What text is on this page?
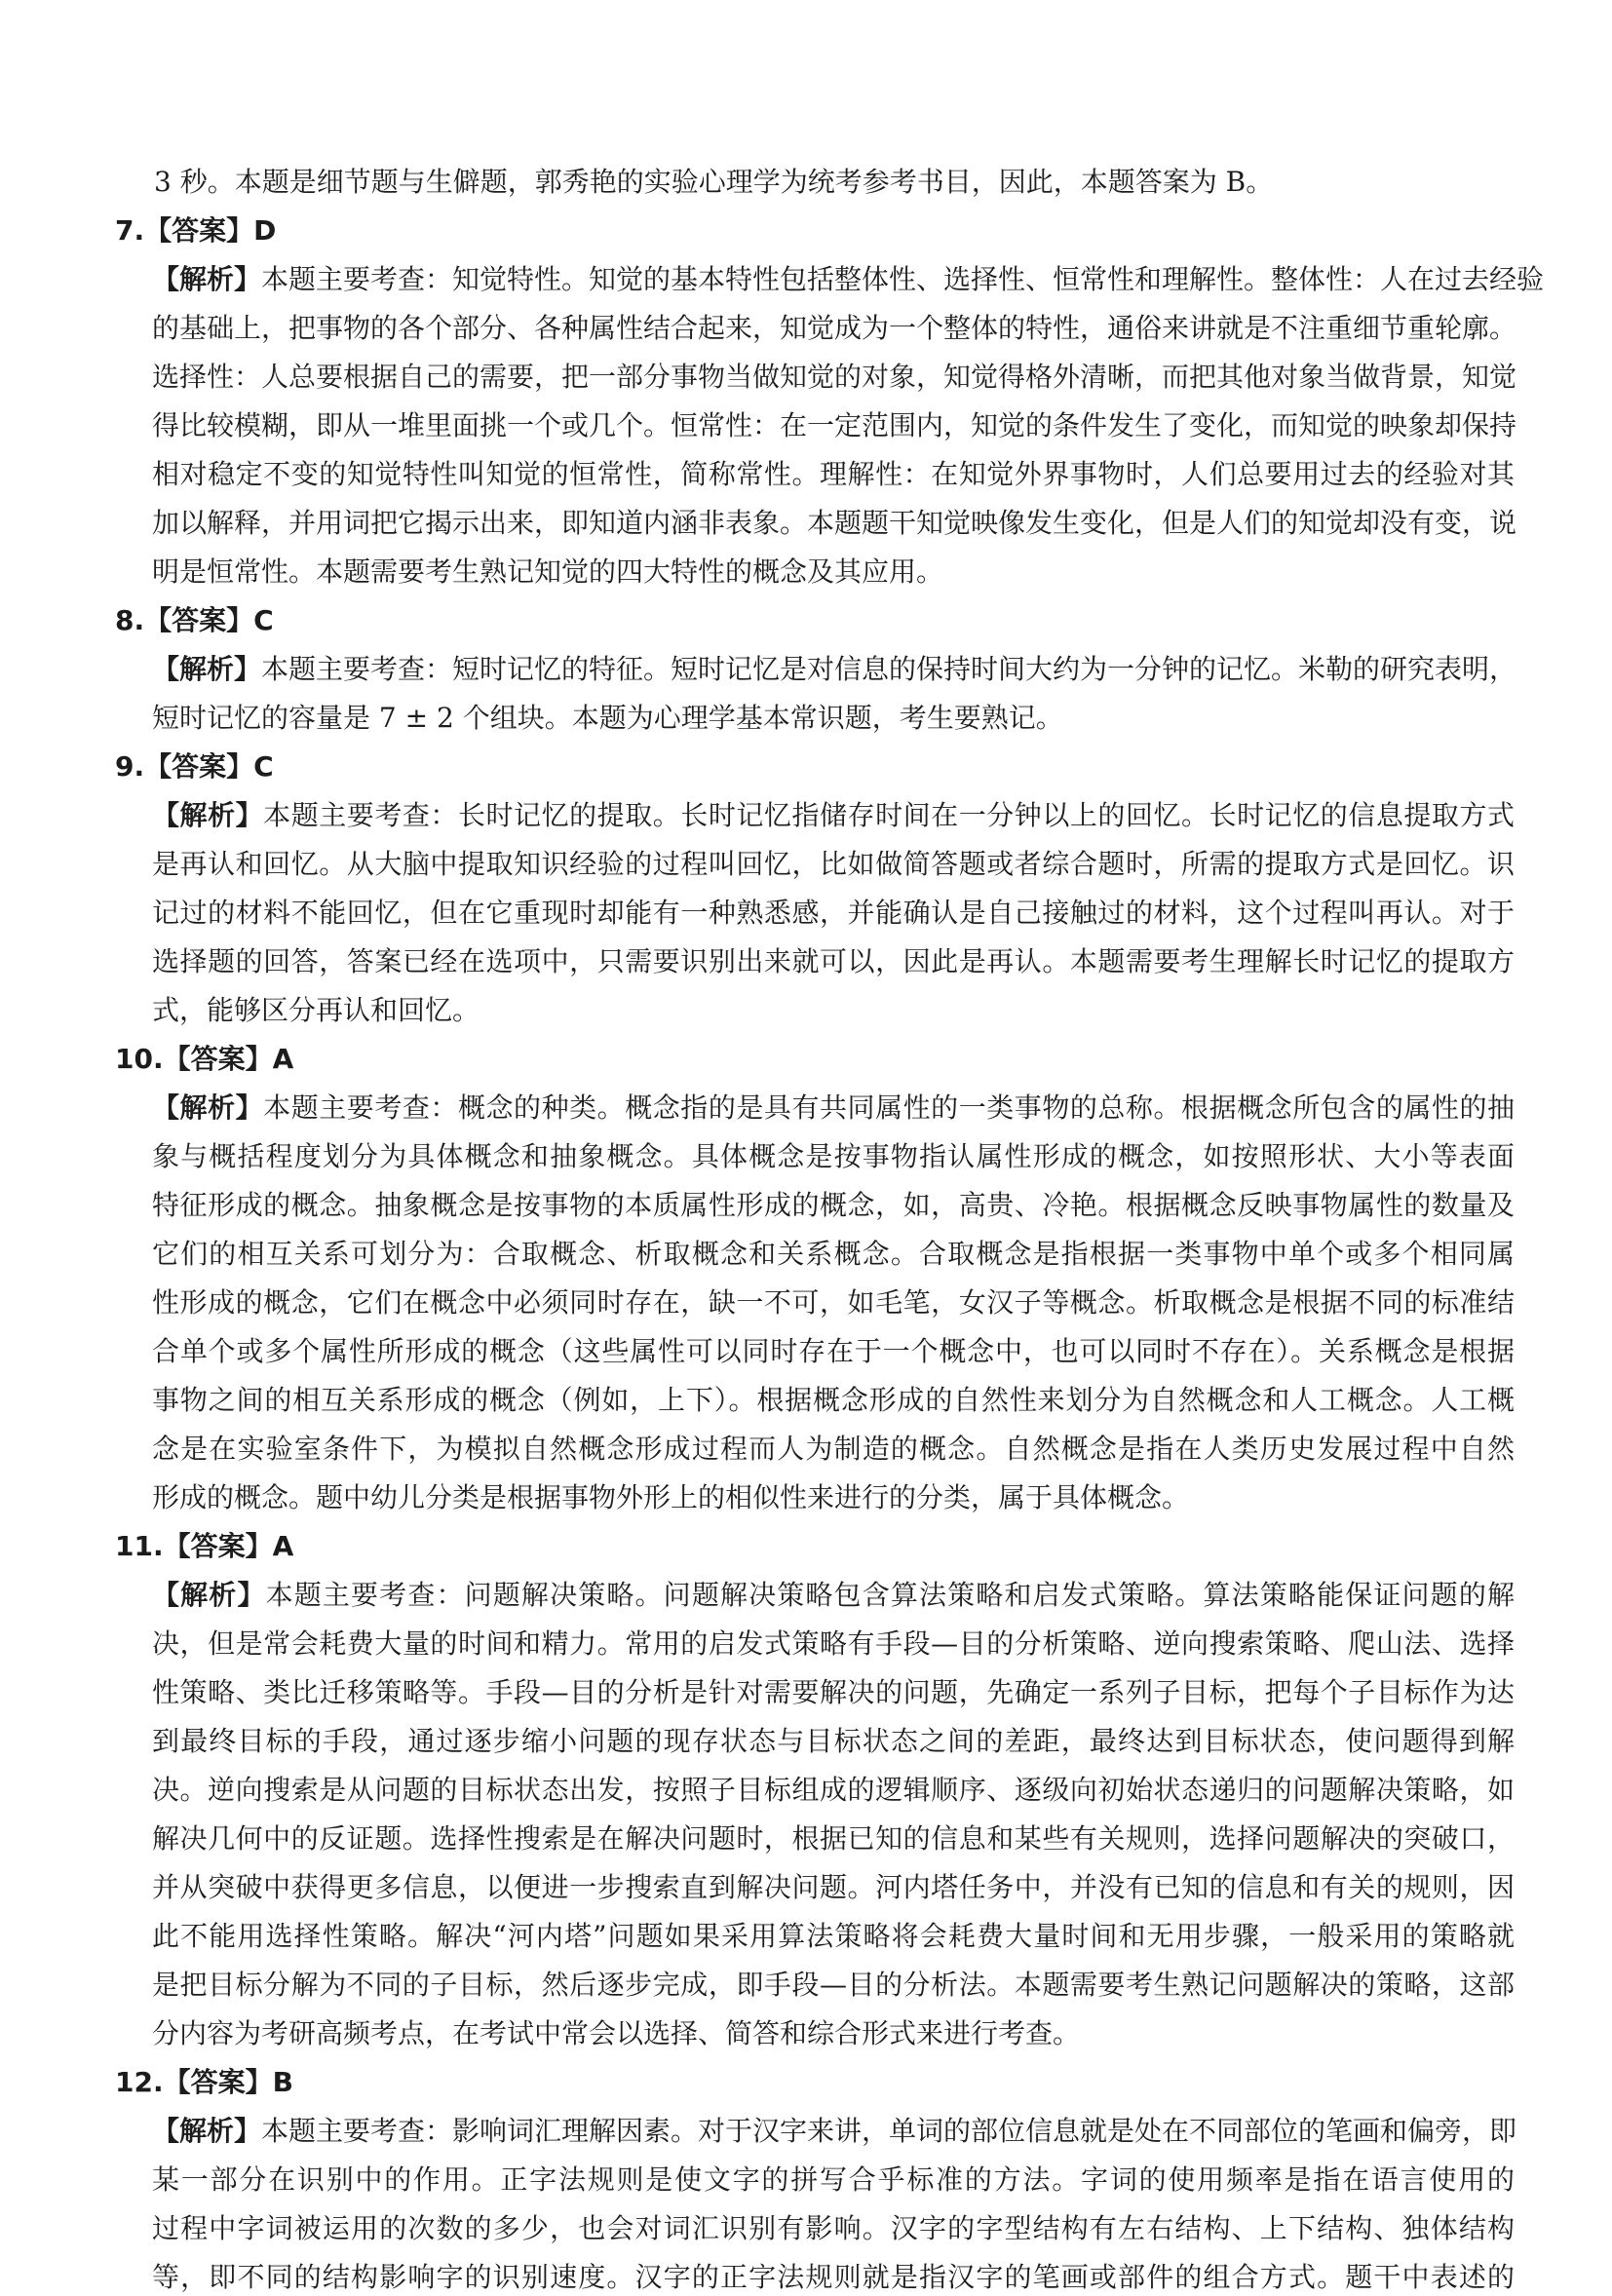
3 秒。本题是细节题与生僻题，郭秀艳的实验心理学为统考参考书目，因此，本题答案为 B。
7.【答案】D
【解析】本题主要考查：知觉特性。知觉的基本特性包括整体性、选择性、恒常性和理解性。整体性：人在过去经验
的基础上，把事物的各个部分、各种属性结合起来，知觉成为一个整体的特性，通俗来讲就是不注重细节重轮廓。
选择性：人总要根据自己的需要，把一部分事物当做知觉的对象，知觉得格外清晰，而把其他对象当做背景，知觉
得比较模糊，即从一堆里面挑一个或几个。恒常性：在一定范围内，知觉的条件发生了变化，而知觉的映象却保持
相对稳定不变的知觉特性叫知觉的恒常性，简称常性。理解性：在知觉外界事物时，人们总要用过去的经验对其
加以解释，并用词把它揭示出来，即知道内涵非表象。本题题干知觉映像发生变化，但是人们的知觉却没有变，说
明是恒常性。本题需要考生熟记知觉的四大特性的概念及其应用。
8.【答案】C
【解析】本题主要考查：短时记忆的特征。短时记忆是对信息的保持时间大约为一分钟的记忆。米勒的研究表明，
短时记忆的容量是 7 ± 2 个组块。本题为心理学基本常识题，考生要熟记。
9.【答案】C
【解析】本题主要考查：长时记忆的提取。长时记忆指储存时间在一分钟以上的回忆。长时记忆的信息提取方式
是再认和回忆。从大脑中提取知识经验的过程叫回忆，比如做简答题或者综合题时，所需的提取方式是回忆。识
记过的材料不能回忆，但在它重现时却能有一种熟悉感，并能确认是自己接触过的材料，这个过程叫再认。对于
选择题的回答，答案已经在选项中，只需要识别出来就可以，因此是再认。本题需要考生理解长时记忆的提取方
式，能够区分再认和回忆。
10.【答案】A
【解析】本题主要考查：概念的种类。概念指的是具有共同属性的一类事物的总称。根据概念所包含的属性的抽
象与概括程度划分为具体概念和抽象概念。具体概念是按事物指认属性形成的概念，如按照形状、大小等表面
特征形成的概念。抽象概念是按事物的本质属性形成的概念，如，高贵、冷艳。根据概念反映事物属性的数量及
它们的相互关系可划分为：合取概念、析取概念和关系概念。合取概念是指根据一类事物中单个或多个相同属
性形成的概念，它们在概念中必须同时存在，缺一不可，如毛笔，女汉子等概念。析取概念是根据不同的标准结
合单个或多个属性所形成的概念（这些属性可以同时存在于一个概念中，也可以同时不存在）。关系概念是根据
事物之间的相互关系形成的概念（例如，上下）。根据概念形成的自然性来划分为自然概念和人工概念。人工概
念是在实验室条件下，为模拟自然概念形成过程而人为制造的概念。自然概念是指在人类历史发展过程中自然
形成的概念。题中幼儿分类是根据事物外形上的相似性来进行的分类，属于具体概念。
11.【答案】A
【解析】本题主要考查：问题解决策略。问题解决策略包含算法策略和启发式策略。算法策略能保证问题的解
决，但是常会耗费大量的时间和精力。常用的启发式策略有手段—目的分析策略、逆向搜索策略、爬山法、选择
性策略、类比迁移策略等。手段—目的分析是针对需要解决的问题，先确定一系列子目标，把每个子目标作为达
到最终目标的手段，通过逐步缩小问题的现存状态与目标状态之间的差距，最终达到目标状态，使问题得到解
决。逆向搜索是从问题的目标状态出发，按照子目标组成的逻辑顺序、逐级向初始状态递归的问题解决策略，如
解决几何中的反证题。选择性搜索是在解决问题时，根据已知的信息和某些有关规则，选择问题解决的突破口，
并从突破中获得更多信息，以便进一步搜索直到解决问题。河内塔任务中，并没有已知的信息和有关的规则，因
此不能用选择性策略。解决“河内塔”问题如果采用算法策略将会耗费大量时间和无用步骤，一般采用的策略就
是把目标分解为不同的子目标，然后逐步完成，即手段—目的分析法。本题需要考生熟记问题解决的策略，这部
分内容为考研高频考点，在考试中常会以选择、简答和综合形式来进行考查。
12.【答案】B
【解析】本题主要考查：影响词汇理解因素。对于汉字来讲，单词的部位信息就是处在不同部位的笔画和偏旁，即
某一部分在识别中的作用。正字法规则是使文字的拼写合乎标准的方法。字词的使用频率是指在语言使用的
过程中字词被运用的次数的多少，也会对词汇识别有影响。汉字的字型结构有左右结构、上下结构、独体结构
等，即不同的结构影响字的识别速度。汉字的正字法规则就是指汉字的笔画或部件的组合方式。题干中表述的
